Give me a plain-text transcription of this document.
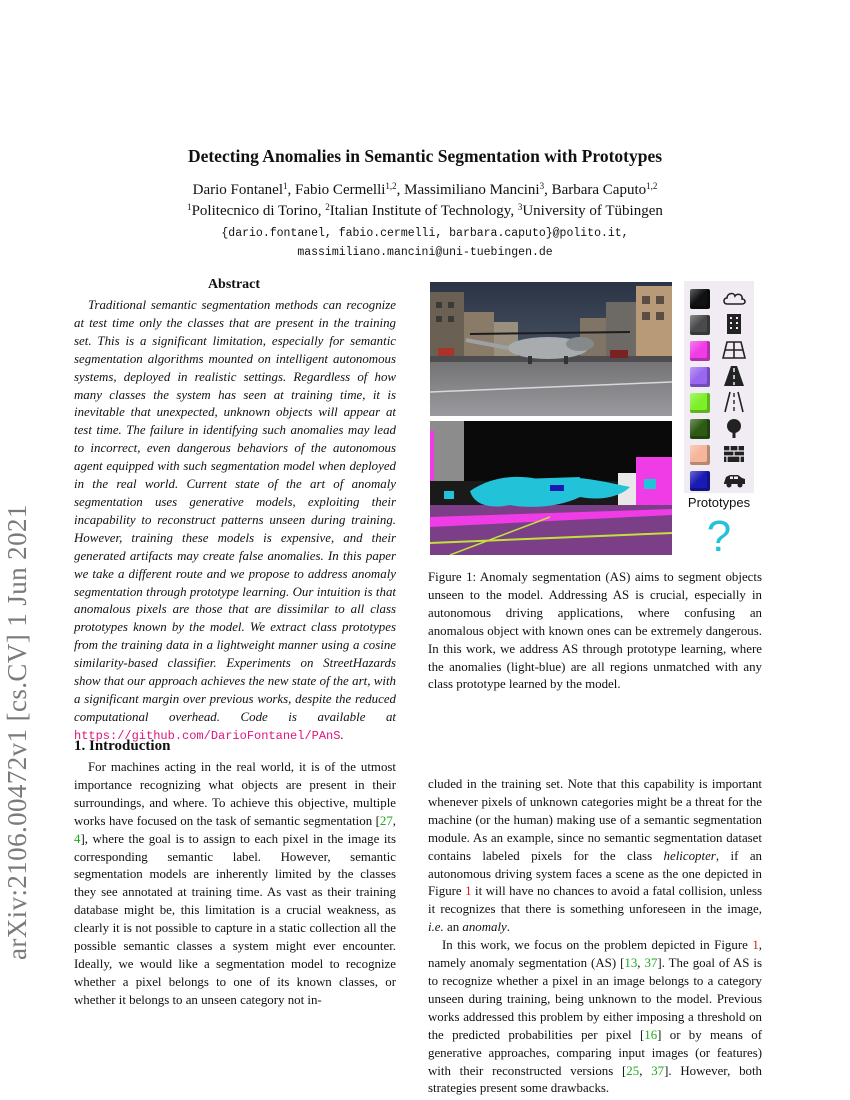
arXiv:2106.00472v1 [cs.CV] 1 Jun 2021
Detecting Anomalies in Semantic Segmentation with Prototypes
Dario Fontanel$^1$, Fabio Cermelli$^{1,2}$, Massimiliano Mancini$^3$, Barbara Caputo$^{1,2}$
$^1$Politecnico di Torino, $^2$Italian Institute of Technology, $^3$University of Tübingen
{dario.fontanel, fabio.cermelli, barbara.caputo}@polito.it,
massimiliano.mancini@uni-tuebingen.de
Abstract

Traditional semantic segmentation methods can recognize at test time only the classes that are present in the training set. This is a significant limitation, especially for semantic segmentation algorithms mounted on intelligent autonomous systems, deployed in realistic settings. Regardless of how many classes the system has seen at training time, it is inevitable that unexpected, unknown objects will appear at test time. The failure in identifying such anomalies may lead to incorrect, even dangerous behaviors of the autonomous agent equipped with such segmentation model when deployed in the real world. Current state of the art of anomaly segmentation uses generative models, exploiting their incapability to reconstruct patterns unseen during training. However, training these models is expensive, and their generated artifacts may create false anomalies. In this paper we take a different route and we propose to address anomaly segmentation through prototype learning. Our intuition is that anomalous pixels are those that are dissimilar to all class prototypes known by the model. We extract class prototypes from the training data in a lightweight manner using a cosine similarity-based classifier. Experiments on StreetHazards show that our approach achieves the new state of the art, with a significant margin over previous works, despite the reduced computational overhead. Code is available at https://github.com/DarioFontanel/PAnS.

1. Introduction

For machines acting in the real world, it is of the utmost importance recognizing what objects are present in their surroundings, and where. To achieve this objective, multiple works have focused on the task of semantic segmentation [27, 4], where the goal is to assign to each pixel in the image its corresponding semantic label. However, semantic segmentation models are inherently limited by the classes they see annotated at training time. As vast as their training database might be, this limitation is a crucial weakness, as clearly it is not possible to capture in a static collection all the possible semantic classes a system might ever encounter. Ideally, we would like a segmentation model to recognize whether a pixel belongs to one of its known classes, or whether it belongs to an unseen category not in-

Prototypes
?

Figure 1: Anomaly segmentation (AS) aims to segment objects unseen to the model. Addressing AS is crucial, especially in autonomous driving applications, where confusing an anomalous object with known ones can be extremely dangerous. In this work, we address AS through prototype learning, where the anomalies (light-blue) are all regions unmatched with any class prototype learned by the model.

cluded in the training set. Note that this capability is important whenever pixels of unknown categories might be a threat for the machine (or the human) making use of a semantic segmentation module. As an example, since no semantic segmentation dataset contains labeled pixels for the class helicopter, if an autonomous driving system faces a scene as the one depicted in Figure 1 it will have no chances to avoid a fatal collision, unless it recognizes that there is something unforeseen in the image, i.e. an anomaly.

In this work, we focus on the problem depicted in Figure 1, namely anomaly segmentation (AS) [13, 37]. The goal of AS is to recognize whether a pixel in an image belongs to a category unseen during training, being unknown to the model. Previous works addressed this problem by either imposing a threshold on the predicted probabilities per pixel [16] or by means of generative approaches, comparing input images (or features) with their reconstructed versions [25, 37]. However, both strategies present some drawbacks.
